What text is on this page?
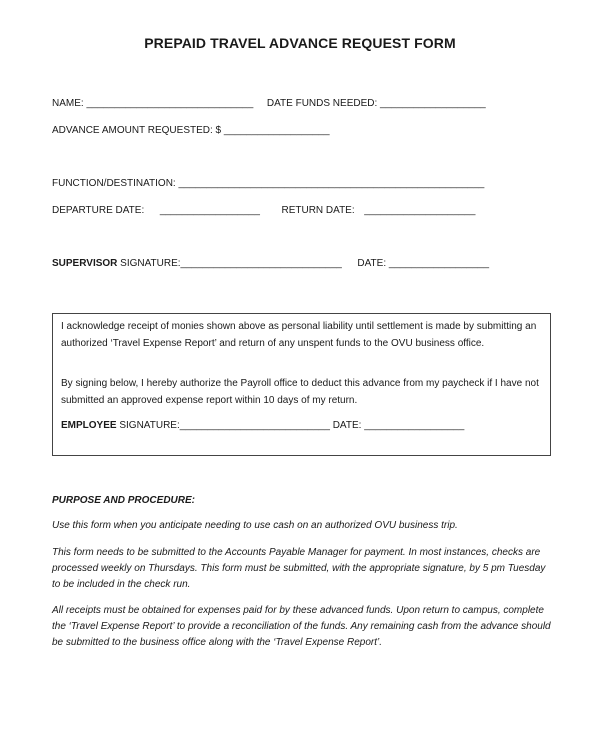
PREPAID TRAVEL ADVANCE REQUEST FORM
NAME: ______________________________ DATE FUNDS NEEDED: ___________________
ADVANCE AMOUNT REQUESTED: $ ___________________
FUNCTION/DESTINATION: _______________________________________________________
DEPARTURE DATE: __________________ RETURN DATE: ____________________
SUPERVISOR SIGNATURE:_____________________________ DATE: __________________
I acknowledge receipt of monies shown above as personal liability until settlement is made by submitting an authorized ‘Travel Expense Report’ and return of any unspent funds to the OVU business office.
By signing below, I hereby authorize the Payroll office to deduct this advance from my paycheck if I have not submitted an approved expense report within 10 days of my return.
EMPLOYEE SIGNATURE:___________________________ DATE: __________________
PURPOSE AND PROCEDURE:
Use this form when you anticipate needing to use cash on an authorized OVU business trip.
This form needs to be submitted to the Accounts Payable Manager for payment. In most instances, checks are processed weekly on Thursdays. This form must be submitted, with the appropriate signature, by 5 pm Tuesday to be included in the check run.
All receipts must be obtained for expenses paid for by these advanced funds. Upon return to campus, complete the ‘Travel Expense Report’ to provide a reconciliation of the funds. Any remaining cash from the advance should be submitted to the business office along with the ‘Travel Expense Report’.
